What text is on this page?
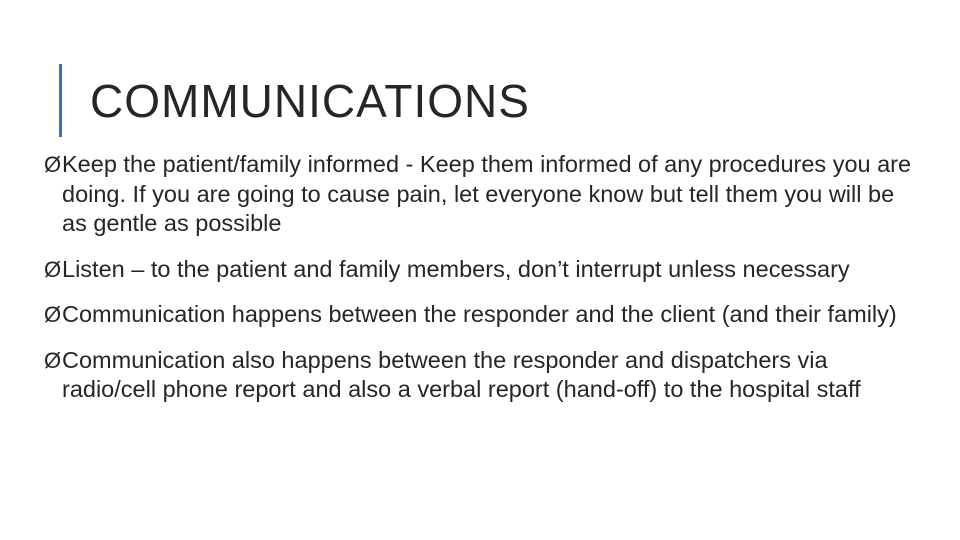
COMMUNICATIONS
Ø Keep the patient/family informed - Keep them informed of any procedures you are doing. If you are going to cause pain, let everyone know but tell them you will be as gentle as possible
Ø Listen – to the patient and family members, don’t interrupt unless necessary
Ø Communication happens between the responder and the client (and their family)
Ø Communication also happens between the responder and dispatchers via radio/cell phone report and also a verbal report (hand-off) to the hospital staff
